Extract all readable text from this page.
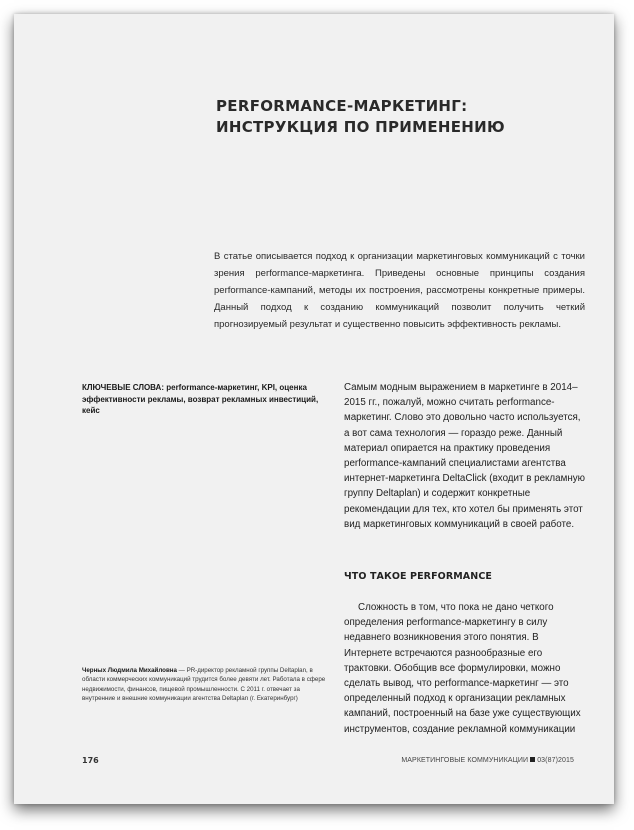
PERFORMANCE-МАРКЕТИНГ:
ИНСТРУКЦИЯ ПО ПРИМЕНЕНИЮ

В статье описывается подход к организации маркетинговых коммуникаций с точки зрения performance-маркетинга. Приведены основные принципы создания performance-кампаний, методы их построения, рассмотрены конкретные примеры. Данный подход к созданию коммуникаций позволит получить четкий прогнозируемый результат и существенно повысить эффективность рекламы.

КЛЮЧЕВЫЕ СЛОВА: performance-маркетинг, KPI, оценка эффективности рекламы, возврат рекламных инвестиций, кейс

Самым модным выражением в маркетинге в 2014–2015 гг., пожалуй, можно считать performance-маркетинг. Слово это довольно часто используется, а вот сама технология — гораздо реже. Данный материал опирается на практику проведения performance-кампаний специалистами агентства интернет-маркетинга DeltaClick (входит в рекламную группу Deltaplan) и содержит конкретные рекомендации для тех, кто хотел бы применять этот вид маркетинговых коммуникаций в своей работе.

ЧТО ТАКОЕ PERFORMANCE

Сложность в том, что пока не дано четкого определения performance-маркетингу в силу недавнего возникновения этого понятия. В Интернете встречаются разнообразные его трактовки. Обобщив все формулировки, можно сделать вывод, что performance-маркетинг — это определенный подход к организации рекламных кампаний, построенный на базе уже существующих инструментов, создание рекламной коммуникации

Черных Людмила Михайловна — PR-директор рекламной группы Deltaplan, в области коммерческих коммуникаций трудится более девяти лет. Работала в сфере недвижимости, финансов, пищевой промышленности. С 2011 г. отвечает за внутренние и внешние коммуникации агентства Deltaplan (г. Екатеринбург)
176	МАРКЕТИНГОВЫЕ КОММУНИКАЦИИ 03(87)2015
